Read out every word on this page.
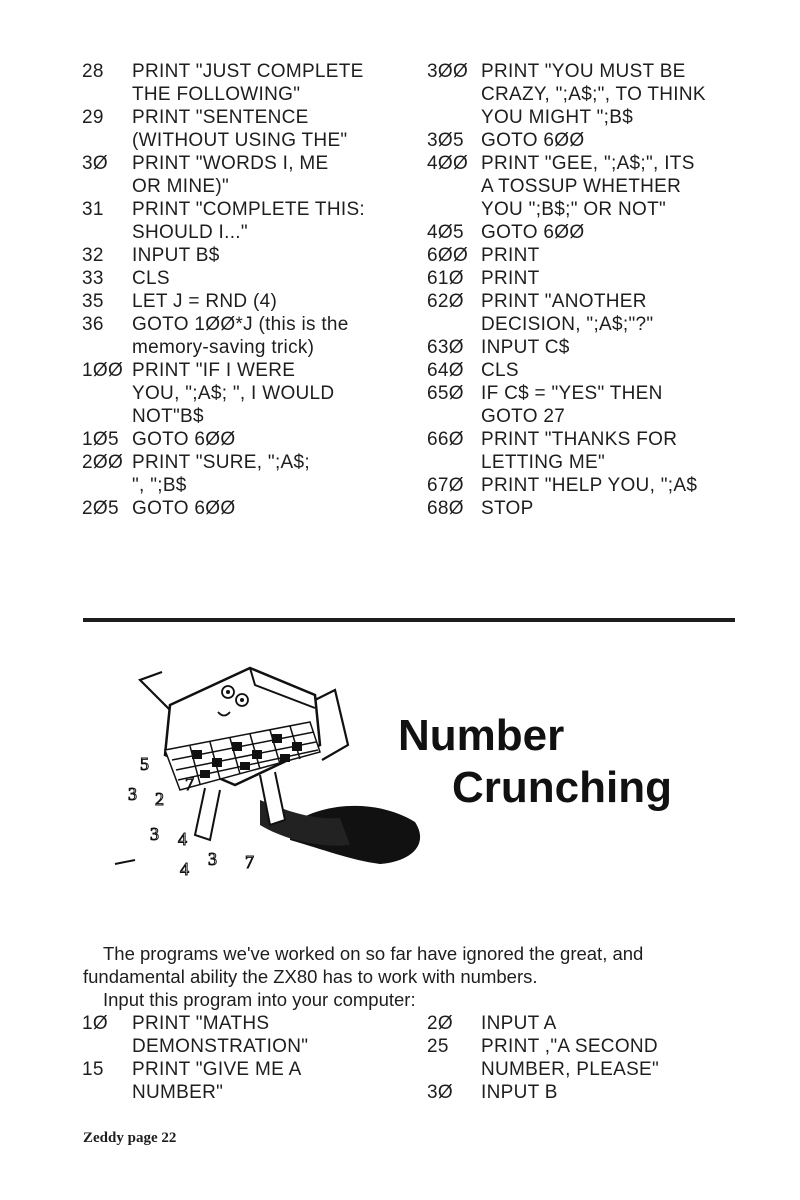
28 PRINT "JUST COMPLETE
THE FOLLOWING"
29 PRINT "SENTENCE
(WITHOUT USING THE"
3Ø PRINT "WORDS I, ME
OR MINE)"
31 PRINT "COMPLETE THIS:
SHOULD I..."
32 INPUT B$
33 CLS
35 LET J = RND (4)
36 GOTO 1ØØ*J (this is the
memory-saving trick)
1ØØ PRINT "IF I WERE
YOU, ";A$; ", I WOULD
NOT"B$
1Ø5 GOTO 6ØØ
2ØØ PRINT "SURE, ";A$;
", ";B$
2Ø5 GOTO 6ØØ
3ØØ PRINT "YOU MUST BE
CRAZY, ";A$;", TO THINK
YOU MIGHT ";B$
3Ø5 GOTO 6ØØ
4ØØ PRINT "GEE, ";A$;", ITS
A TOSSUP WHETHER
YOU ";B$;" OR NOT"
4Ø5 GOTO 6ØØ
6ØØ PRINT
61Ø PRINT
62Ø PRINT "ANOTHER
DECISION, ";A$;"?"
63Ø INPUT C$
64Ø CLS
65Ø IF C$ = "YES" THEN
GOTO 27
66Ø PRINT "THANKS FOR
LETTING ME"
67Ø PRINT "HELP YOU, ";A$
68Ø STOP
5
3 2
7
3 4
3 7
4
Number
Crunching
The programs we've worked on so far have ignored the great, and fundamental ability the ZX80 has to work with numbers.
Input this program into your computer:
1Ø PRINT "MATHS
DEMONSTRATION"
15 PRINT "GIVE ME A
NUMBER"
2Ø INPUT A
25 PRINT ,"A SECOND
NUMBER, PLEASE"
3Ø INPUT B
Zeddy page 22
